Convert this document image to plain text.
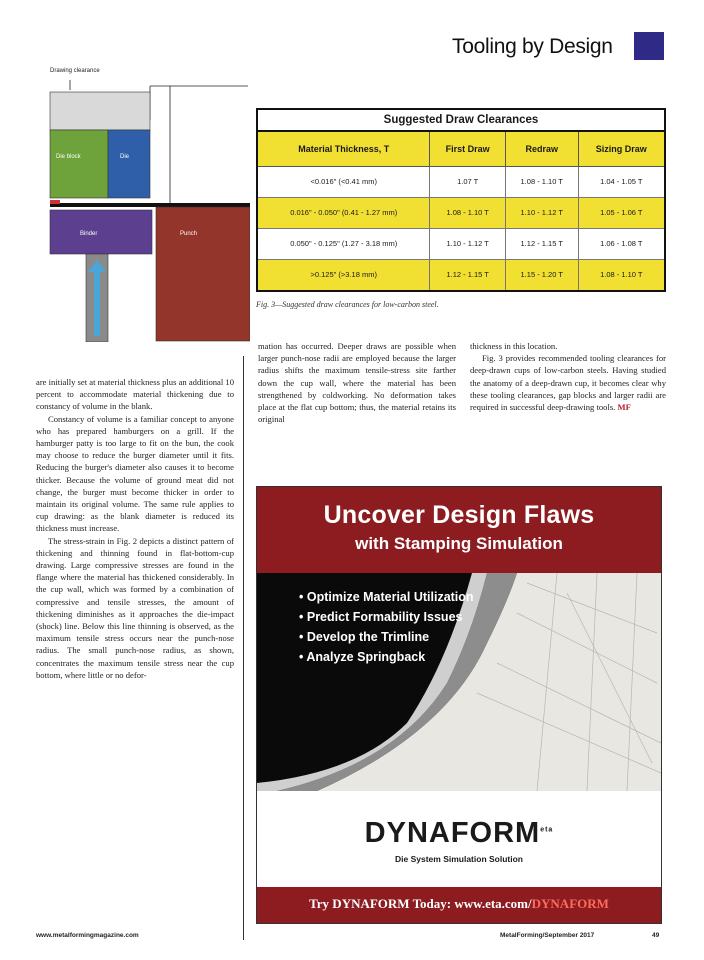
Tooling by Design
Drawing clearance
Die block	Die
Binder	Punch
Suggested Draw Clearances
Material Thickness, T	First Draw	Redraw	Sizing Draw
<0.016" (<0.41 mm)	1.07 T	1.08 - 1.10 T	1.04 - 1.05 T
0.016" - 0.050" (0.41 - 1.27 mm)	1.08 - 1.10 T	1.10 - 1.12 T	1.05 - 1.06 T
0.050" - 0.125" (1.27 - 3.18 mm)	1.10 - 1.12 T	1.12 - 1.15 T	1.06 - 1.08 T
>0.125" (>3.18 mm)	1.12 - 1.15 T	1.15 - 1.20 T	1.08 - 1.10 T
Fig. 3—Suggested draw clearances for low-carbon steel.

are initially set at material thickness plus an additional 10 percent to accommodate material thickening due to constancy of volume in the blank.

Constancy of volume is a familiar concept to anyone who has prepared hamburgers on a grill. If the hamburger patty is too large to fit on the bun, the cook may choose to reduce the burger diameter until it fits. Reducing the burger's diameter also causes it to become thicker. Because the volume of ground meat did not change, the burger must become thicker in order to maintain its original volume. The same rule applies to cup drawing: as the blank diameter is reduced its thickness must increase.

The stress-strain in Fig. 2 depicts a distinct pattern of thickening and thinning found in flat-bottom-cup drawing. Large compressive stresses are found in the flange where the material has thickened considerably. In the cup wall, which was formed by a combination of compressive and tensile stresses, the amount of thickening diminishes as it approaches the die-impact (shock) line. Below this line thinning is observed, as the maximum tensile stress occurs near the punch-nose radius. The small punch-nose radius, as shown, concentrates the maximum tensile stress near the cup bottom, where little or no defor-

mation has occurred. Deeper draws are possible when larger punch-nose radii are employed because the larger radius shifts the maximum tensile-stress site farther down the cup wall, where the material has been strengthened by coldworking. No deformation takes place at the flat cup bottom; thus, the material retains its original

thickness in this location.

Fig. 3 provides recommended tooling clearances for deep-drawn cups of low-carbon steels. Having studied the anatomy of a deep-drawn cup, it becomes clear why these tooling clearances, gap blocks and larger radii are required in successful deep-drawing tools. MF

Uncover Design Flaws
with Stamping Simulation
• Optimize Material Utilization
• Predict Formability Issues
• Develop the Trimline
• Analyze Springback
$DYNAFORM^{eta}$
Die System Simulation Solution
Try DYNAFORM Today: www.eta.com/DYNAFORM
www.metalformingmagazine.com	MetalForming/September 2017	49
